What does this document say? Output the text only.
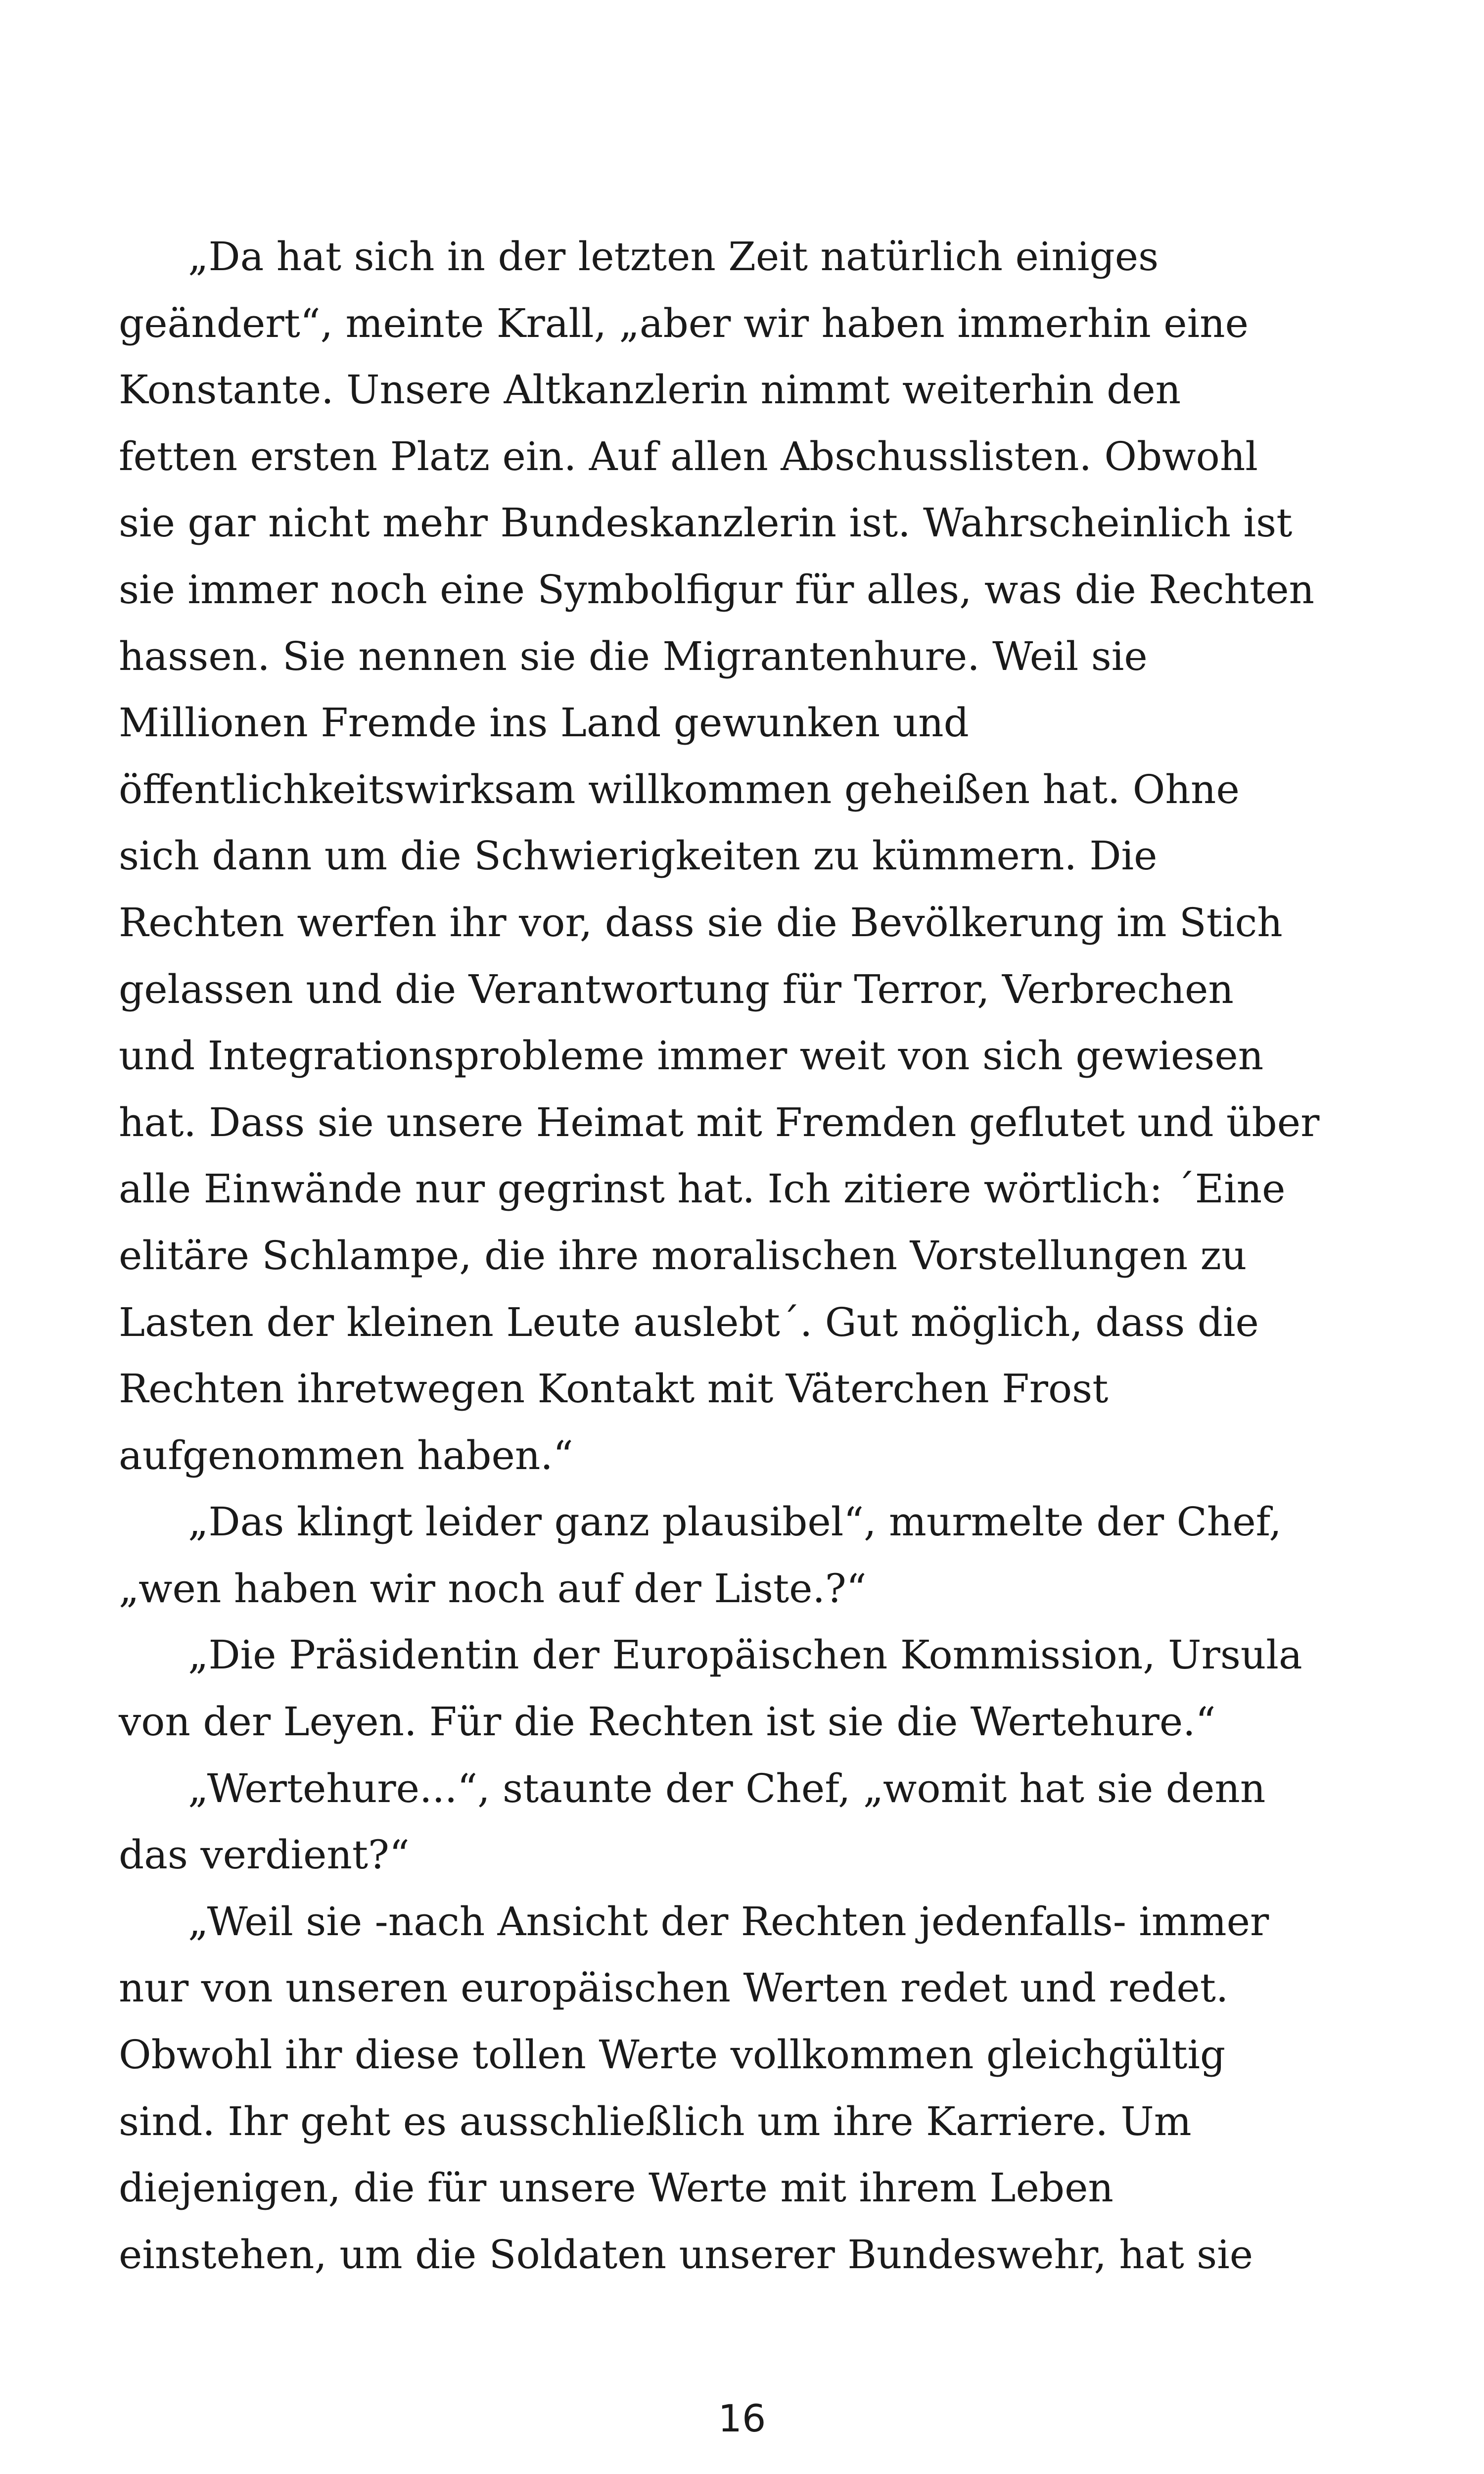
„Da hat sich in der letzten Zeit natürlich einiges
geändert“, meinte Krall, „aber wir haben immerhin eine
Konstante. Unsere Altkanzlerin nimmt weiterhin den
fetten ersten Platz ein. Auf allen Abschusslisten. Obwohl
sie gar nicht mehr Bundeskanzlerin ist. Wahrscheinlich ist
sie immer noch eine Symbolfigur für alles, was die Rechten
hassen. Sie nennen sie die Migrantenhure. Weil sie
Millionen Fremde ins Land gewunken und
öffentlichkeitswirksam willkommen geheißen hat. Ohne
sich dann um die Schwierigkeiten zu kümmern. Die
Rechten werfen ihr vor, dass sie die Bevölkerung im Stich
gelassen und die Verantwortung für Terror, Verbrechen
und Integrationsprobleme immer weit von sich gewiesen
hat. Dass sie unsere Heimat mit Fremden geflutet und über
alle Einwände nur gegrinst hat. Ich zitiere wörtlich: ´Eine
elitäre Schlampe, die ihre moralischen Vorstellungen zu
Lasten der kleinen Leute auslebt´. Gut möglich, dass die
Rechten ihretwegen Kontakt mit Väterchen Frost
aufgenommen haben.“
„Das klingt leider ganz plausibel“, murmelte der Chef,
„wen haben wir noch auf der Liste.?“
„Die Präsidentin der Europäischen Kommission, Ursula
von der Leyen. Für die Rechten ist sie die Wertehure.“
„Wertehure...“, staunte der Chef, „womit hat sie denn
das verdient?“
„Weil sie -nach Ansicht der Rechten jedenfalls- immer
nur von unseren europäischen Werten redet und redet.
Obwohl ihr diese tollen Werte vollkommen gleichgültig
sind. Ihr geht es ausschließlich um ihre Karriere. Um
diejenigen, die für unsere Werte mit ihrem Leben
einstehen, um die Soldaten unserer Bundeswehr, hat sie
16
